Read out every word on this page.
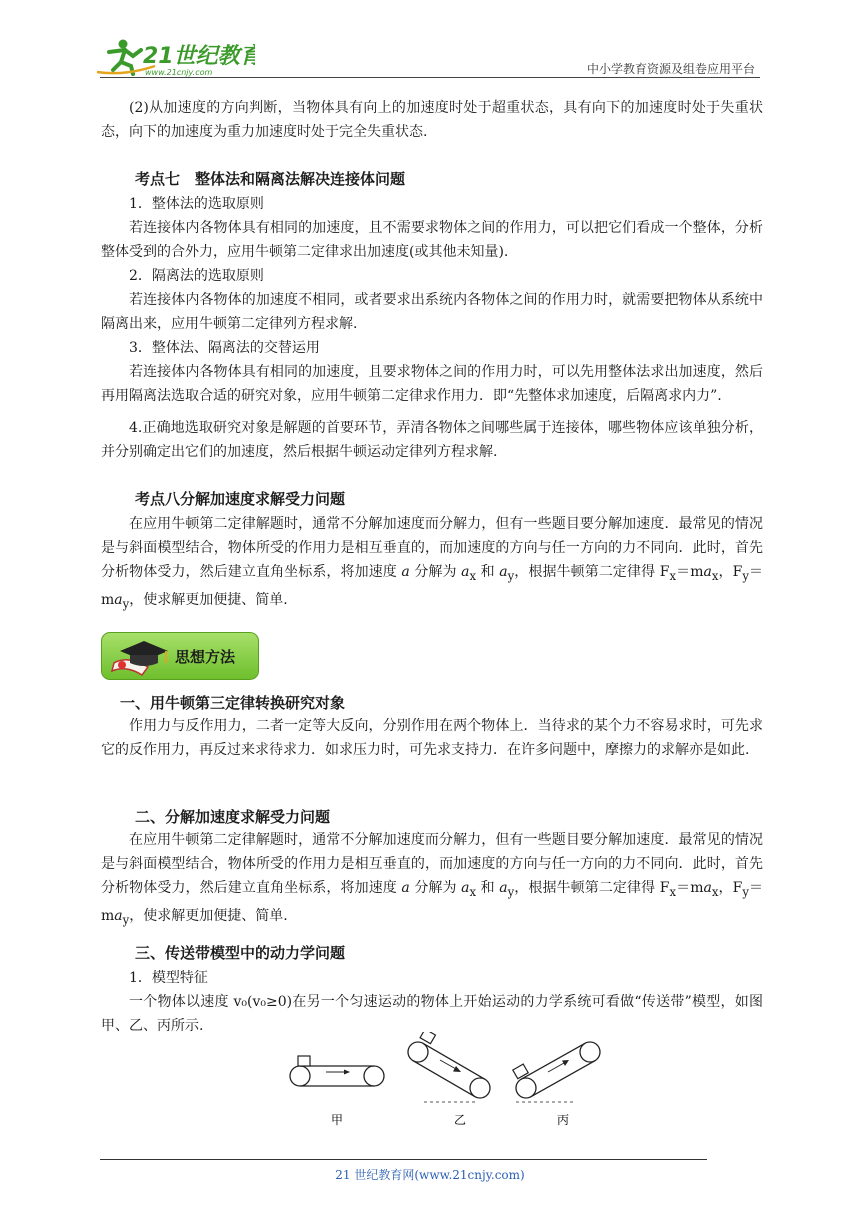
21世纪教育
www.21cnjy.com	中小学教育资源及组卷应用平台
(2)从加速度的方向判断，当物体具有向上的加速度时处于超重状态，具有向下的加速度时处于失重状态，向下的加速度为重力加速度时处于完全失重状态.
考点七　整体法和隔离法解决连接体问题
1．整体法的选取原则
若连接体内各物体具有相同的加速度，且不需要求物体之间的作用力，可以把它们看成一个整体，分析整体受到的合外力，应用牛顿第二定律求出加速度(或其他未知量).
2．隔离法的选取原则
若连接体内各物体的加速度不相同，或者要求出系统内各物体之间的作用力时，就需要把物体从系统中隔离出来，应用牛顿第二定律列方程求解.
3．整体法、隔离法的交替运用
若连接体内各物体具有相同的加速度，且要求物体之间的作用力时，可以先用整体法求出加速度，然后再用隔离法选取合适的研究对象，应用牛顿第二定律求作用力．即“先整体求加速度，后隔离求内力”.
4.正确地选取研究对象是解题的首要环节，弄清各物体之间哪些属于连接体，哪些物体应该单独分析，并分别确定出它们的加速度，然后根据牛顿运动定律列方程求解.
考点八分解加速度求解受力问题
在应用牛顿第二定律解题时，通常不分解加速度而分解力，但有一些题目要分解加速度．最常见的情况是与斜面模型结合，物体所受的作用力是相互垂直的，而加速度的方向与任一方向的力不同向．此时，首先分析物体受力，然后建立直角坐标系，将加速度 a 分解为 $a_x$ 和 $a_y$，根据牛顿第二定律得 $F_x=ma_x$，$F_y=ma_y$，使求解更加便捷、简单.
思想方法
一、用牛顿第三定律转换研究对象
作用力与反作用力，二者一定等大反向，分别作用在两个物体上．当待求的某个力不容易求时，可先求它的反作用力，再反过来求待求力．如求压力时，可先求支持力．在许多问题中，摩擦力的求解亦是如此.
二、分解加速度求解受力问题
在应用牛顿第二定律解题时，通常不分解加速度而分解力，但有一些题目要分解加速度．最常见的情况是与斜面模型结合，物体所受的作用力是相互垂直的，而加速度的方向与任一方向的力不同向．此时，首先分析物体受力，然后建立直角坐标系，将加速度 a 分解为 $a_x$ 和 $a_y$，根据牛顿第二定律得 $F_x=ma_x$，$F_y=ma_y$，使求解更加便捷、简单.
三、传送带模型中的动力学问题
1．模型特征
一个物体以速度 v₀(v₀≥0)在另一个匀速运动的物体上开始运动的力学系统可看做“传送带”模型，如图甲、乙、丙所示.
甲	乙	丙
21 世纪教育网(www.21cnjy.com)
